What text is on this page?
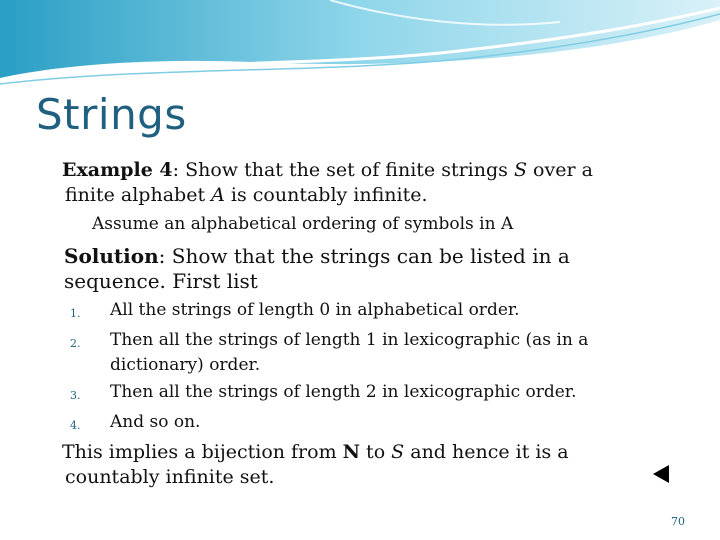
Strings
Example 4: Show that the set of finite strings S over a
finite alphabet A is countably infinite.
Assume an alphabetical ordering of symbols in A
Solution: Show that the strings can be listed in a
sequence. First list
1.	All the strings of length 0 in alphabetical order.
2.	Then all the strings of length 1 in lexicographic (as in a dictionary) order.
3.	Then all the strings of length 2 in lexicographic order.
4.	And so on.
This implies a bijection from N to S and hence it is a
countably infinite set.
70
